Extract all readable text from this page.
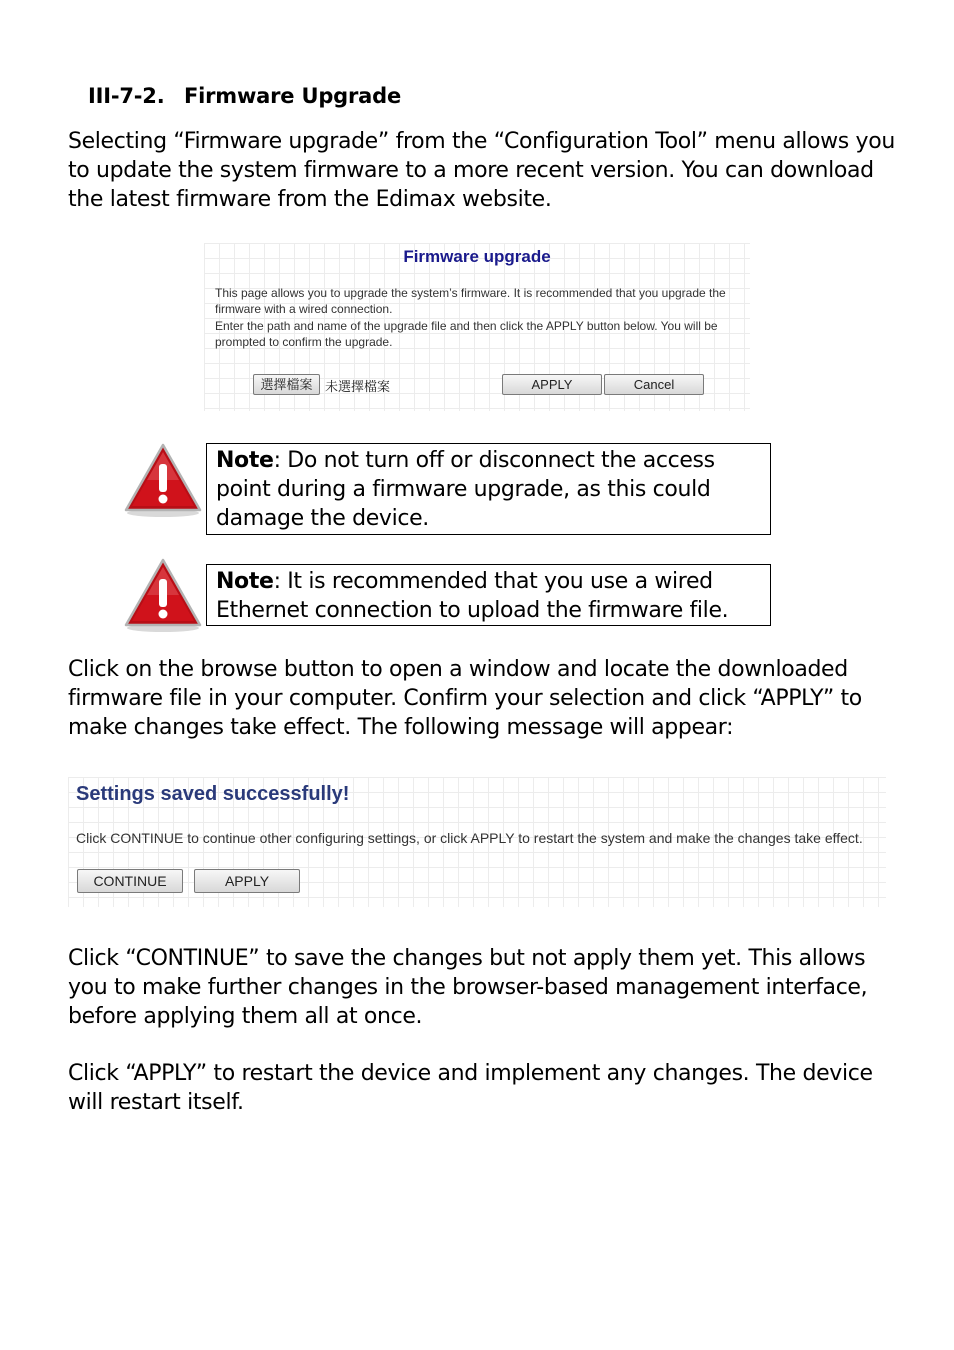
III-7-2. Firmware Upgrade

Selecting “Firmware upgrade” from the “Configuration Tool” menu allows you to update the system firmware to a more recent version. You can download the latest firmware from the Edimax website.

Firmware upgrade
This page allows you to upgrade the system’s firmware. It is recommended that you upgrade the firmware with a wired connection.
Enter the path and name of the upgrade file and then click the APPLY button below. You will be prompted to confirm the upgrade.
選擇檔案 未選擇檔案	APPLY	Cancel
Note: Do not turn off or disconnect the access point during a firmware upgrade, as this could damage the device.
Note: It is recommended that you use a wired Ethernet connection to upload the firmware file.

Click on the browse button to open a window and locate the downloaded firmware file in your computer. Confirm your selection and click “APPLY” to make changes take effect. The following message will appear:

Settings saved successfully!
Click CONTINUE to continue other configuring settings, or click APPLY to restart the system and make the changes take effect.
CONTINUE	APPLY

Click “CONTINUE” to save the changes but not apply them yet. This allows you to make further changes in the browser-based management interface, before applying them all at once.

Click “APPLY” to restart the device and implement any changes. The device will restart itself.
